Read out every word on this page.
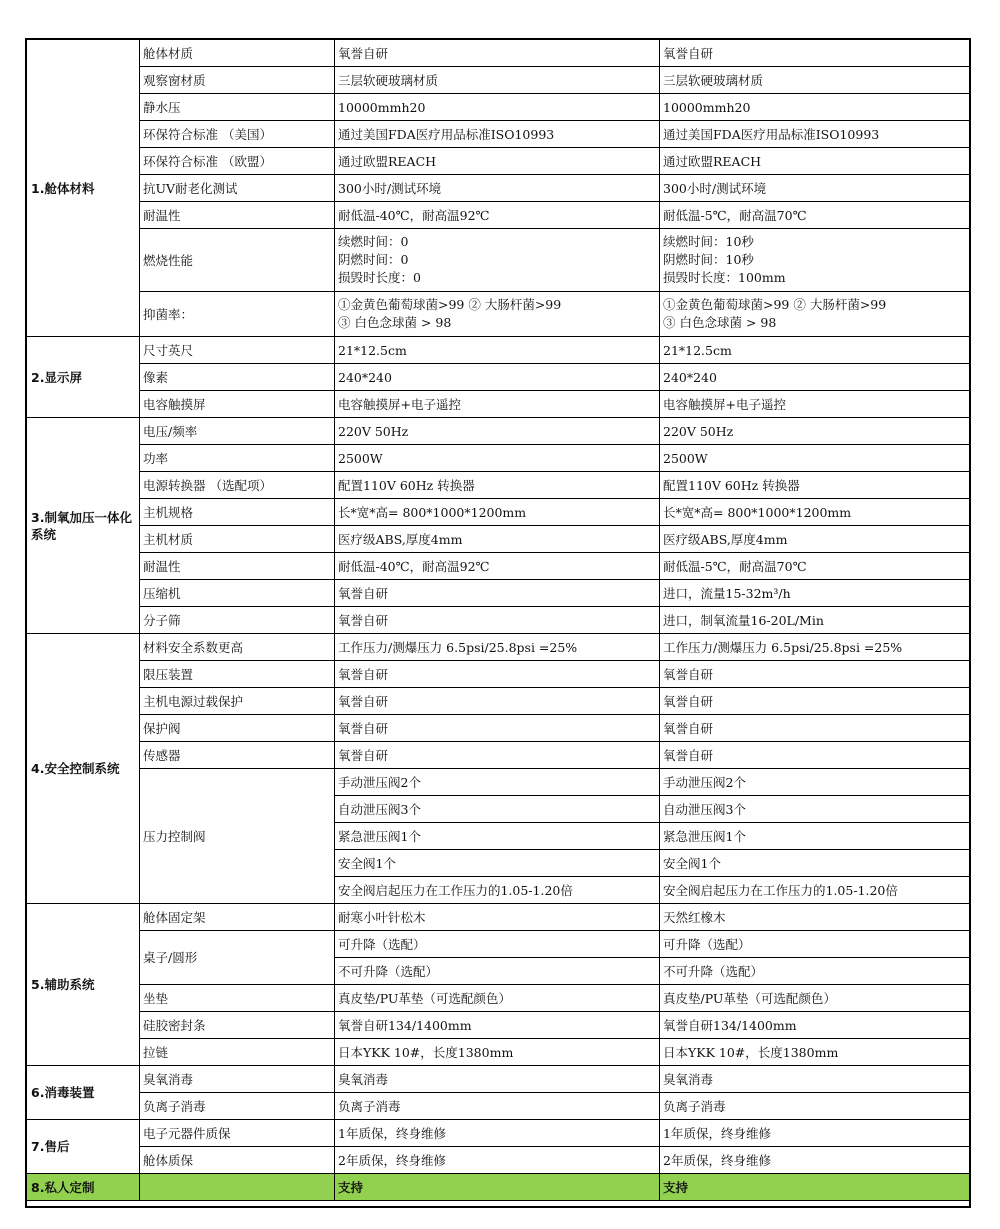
1.舱体材料	舱体材质	氧誉自研	氧誉自研
	观察窗材质	三层软硬玻璃材质	三层软硬玻璃材质
	静水压	10000mmh20	10000mmh20
	环保符合标准 （美国）	通过美国FDA医疗用品标准ISO10993	通过美国FDA医疗用品标准ISO10993
	环保符合标准 （欧盟）	通过欧盟REACH	通过欧盟REACH
	抗UV耐老化测试	300小时/测试环境	300小时/测试环境
	耐温性	耐低温-40℃，耐高温92℃	耐低温-5℃，耐高温70℃
	燃烧性能	续燃时间：0
阴燃时间：0
损毁时长度：0	续燃时间：10秒
阴燃时间：10秒
损毁时长度：100mm

	抑菌率：	①金黄色葡萄球菌>99 ② 大肠杆菌>99
③ 白色念球菌 > 98	①金黄色葡萄球菌>99 ② 大肠杆菌>99
③ 白色念球菌 > 98

2.显示屏	尺寸英尺	21*12.5cm	21*12.5cm
	像素	240*240	240*240
	电容触摸屏	电容触摸屏+电子遥控	电容触摸屏+电子遥控
3.制氧加压一体化系统	电压/频率	220V 50Hz	220V 50Hz
	功率	2500W	2500W
	电源转换器 （选配项）	配置110V 60Hz 转换器	配置110V 60Hz 转换器
	主机规格	长*宽*高= 800*1000*1200mm	长*宽*高= 800*1000*1200mm
	主机材质	医疗级ABS,厚度4mm	医疗级ABS,厚度4mm
	耐温性	耐低温-40℃，耐高温92℃	耐低温-5℃，耐高温70℃
	压缩机	氧誉自研	进口，流量15-32m³/h
	分子筛	氧誉自研	进口，制氧流量16-20L/Min
4.安全控制系统	材料安全系数更高	工作压力/测爆压力 6.5psi/25.8psi =25%	工作压力/测爆压力 6.5psi/25.8psi =25%
	限压装置	氧誉自研	氧誉自研
	主机电源过载保护	氧誉自研	氧誉自研
	保护阀	氧誉自研	氧誉自研
	传感器	氧誉自研	氧誉自研
	压力控制阀	手动泄压阀2个	手动泄压阀2个
		自动泄压阀3个	自动泄压阀3个
		紧急泄压阀1个	紧急泄压阀1个
		安全阀1个	安全阀1个
		安全阀启起压力在工作压力的1.05-1.20倍	安全阀启起压力在工作压力的1.05-1.20倍
5.辅助系统	舱体固定架	耐寒小叶针松木	天然红橡木
	桌子/圆形	可升降（选配）	可升降（选配）
		不可升降（选配）	不可升降（选配）
	坐垫	真皮垫/PU革垫（可选配颜色）	真皮垫/PU革垫（可选配颜色）
	硅胶密封条	氧誉自研134/1400mm	氧誉自研134/1400mm
	拉链	日本YKK 10#，长度1380mm	日本YKK 10#，长度1380mm
6.消毒装置	臭氧消毒	臭氧消毒	臭氧消毒
	负离子消毒	负离子消毒	负离子消毒
7.售后	电子元器件质保	1年质保，终身维修	1年质保，终身维修
	舱体质保	2年质保，终身维修	2年质保，终身维修
8.私人定制		支持	支持
